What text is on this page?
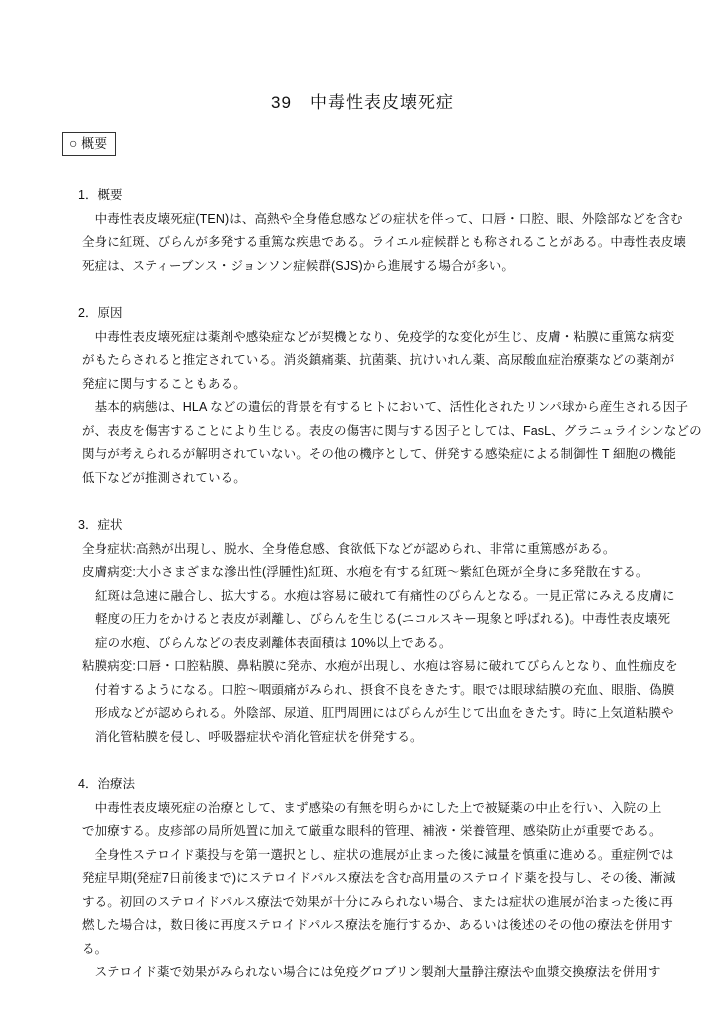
39　中毒性表皮壊死症
○ 概要
1．概要
　中毒性表皮壊死症(TEN)は、高熱や全身倦怠感などの症状を伴って、口唇・口腔、眼、外陰部などを含む
全身に紅斑、びらんが多発する重篤な疾患である。ライエル症候群とも称されることがある。中毒性表皮壊
死症は、スティーブンス・ジョンソン症候群(SJS)から進展する場合が多い。
2．原因
　中毒性表皮壊死症は薬剤や感染症などが契機となり、免疫学的な変化が生じ、皮膚・粘膜に重篤な病変
がもたらされると推定されている。消炎鎮痛薬、抗菌薬、抗けいれん薬、高尿酸血症治療薬などの薬剤が
発症に関与することもある。
　基本的病態は、HLA などの遺伝的背景を有するヒトにおいて、活性化されたリンパ球から産生される因子
が、表皮を傷害することにより生じる。表皮の傷害に関与する因子としては、FasL、グラニュライシンなどの
関与が考えられるが解明されていない。その他の機序として、併発する感染症による制御性 T 細胞の機能
低下などが推測されている。
3．症状
全身症状:高熱が出現し、脱水、全身倦怠感、食欲低下などが認められ、非常に重篤感がある。
皮膚病変:大小さまざまな滲出性(浮腫性)紅斑、水疱を有する紅斑～紫紅色斑が全身に多発散在する。
紅斑は急速に融合し、拡大する。水疱は容易に破れて有痛性のびらんとなる。一見正常にみえる皮膚に
軽度の圧力をかけると表皮が剥離し、びらんを生じる(ニコルスキー現象と呼ばれる)。中毒性表皮壊死
症の水疱、びらんなどの表皮剥離体表面積は 10%以上である。
粘膜病変:口唇・口腔粘膜、鼻粘膜に発赤、水疱が出現し、水疱は容易に破れてびらんとなり、血性痂皮を
付着するようになる。口腔～咽頭痛がみられ、摂食不良をきたす。眼では眼球結膜の充血、眼脂、偽膜
形成などが認められる。外陰部、尿道、肛門周囲にはびらんが生じて出血をきたす。時に上気道粘膜や
消化管粘膜を侵し、呼吸器症状や消化管症状を併発する。
4．治療法
　中毒性表皮壊死症の治療として、まず感染の有無を明らかにした上で被疑薬の中止を行い、入院の上
で加療する。皮疹部の局所処置に加えて厳重な眼科的管理、補液・栄養管理、感染防止が重要である。
　全身性ステロイド薬投与を第一選択とし、症状の進展が止まった後に減量を慎重に進める。重症例では
発症早期(発症7日前後まで)にステロイドパルス療法を含む高用量のステロイド薬を投与し、その後、漸減
する。初回のステロイドパルス療法で効果が十分にみられない場合、または症状の進展が治まった後に再
燃した場合は，数日後に再度ステロイドパルス療法を施行するか、あるいは後述のその他の療法を併用す
る。
　ステロイド薬で効果がみられない場合には免疫グロブリン製剤大量静注療法や血漿交換療法を併用す
